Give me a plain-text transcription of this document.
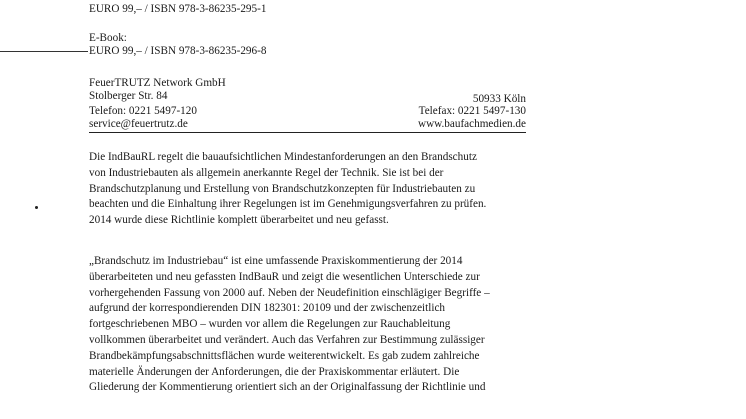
EURO 99,– / ISBN 978-3-86235-295-1
E-Book:
EURO 99,– / ISBN 978-3-86235-296-8
FeuerTRUTZ Network GmbH
Stolberger Str. 84	50933 Köln
Telefon: 0221 5497-120	Telefax: 0221 5497-130
service@feuertrutz.de	www.baufachmedien.de
Die IndBauRL regelt die bauaufsichtlichen Mindestanforderungen an den Brandschutz
von Industriebauten als allgemein anerkannte Regel der Technik. Sie ist bei der
Brandschutzplanung und Erstellung von Brandschutzkonzepten für Industriebauten zu
beachten und die Einhaltung ihrer Regelungen ist im Genehmigungsverfahren zu prüfen.
2014 wurde diese Richtlinie komplett überarbeitet und neu gefasst.
„Brandschutz im Industriebau“ ist eine umfassende Praxiskommentierung der 2014
überarbeiteten und neu gefassten IndBauR und zeigt die wesentlichen Unterschiede zur
vorhergehenden Fassung von 2000 auf. Neben der Neudefinition einschlägiger Begriffe –
aufgrund der korrespondierenden DIN 182301: 20109 und der zwischenzeitlich
fortgeschriebenen MBO – wurden vor allem die Regelungen zur Rauchableitung
vollkommen überarbeitet und verändert. Auch das Verfahren zur Bestimmung zulässiger
Brandbekämpfungsabschnittsflächen wurde weiterentwickelt. Es gab zudem zahlreiche
materielle Änderungen der Anforderungen, die der Praxiskommentar erläutert. Die
Gliederung der Kommentierung orientiert sich an der Originalfassung der Richtlinie und
